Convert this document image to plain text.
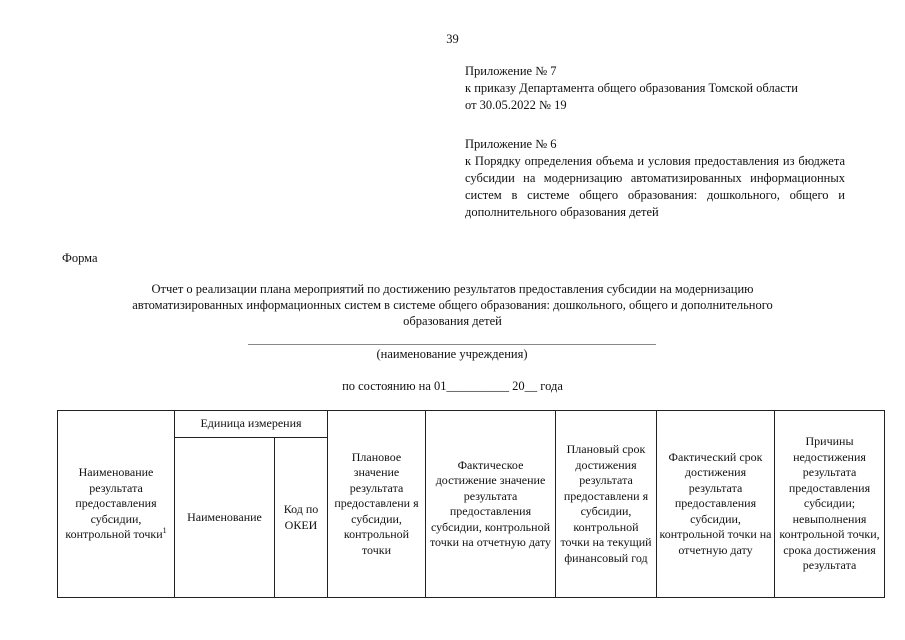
39
Приложение № 7
к приказу Департамента общего образования Томской области
от 30.05.2022 № 19
Приложение № 6
к Порядку определения объема и условия предоставления из бюджета субсидии на модернизацию автоматизированных информационных систем в системе общего образования: дошкольного, общего и дополнительного образования детей
Форма
Отчет о реализации плана мероприятий по достижению результатов предоставления субсидии на модернизацию
автоматизированных информационных систем в системе общего образования: дошкольного, общего и дополнительного
образования детей
(наименование учреждения)
по состоянию на 01__________ 20__ года
Наименование результата предоставления субсидии, контрольной точки$^1$	Единица измерения		Плановое значение результата предоставлени я субсидии, контрольной точки	Фактическое достижение значение результата предоставления субсидии, контрольной точки на отчетную дату	Плановый срок достижения результата предоставлени я субсидии, контрольной точки на текущий финансовый год	Фактический срок достижения результата предоставления субсидии, контрольной точки на отчетную дату	Причины недостижения результата предоставления субсидии; невыполнения контрольной точки, срока достижения результата
	Наименование	Код по ОКЕИ					
